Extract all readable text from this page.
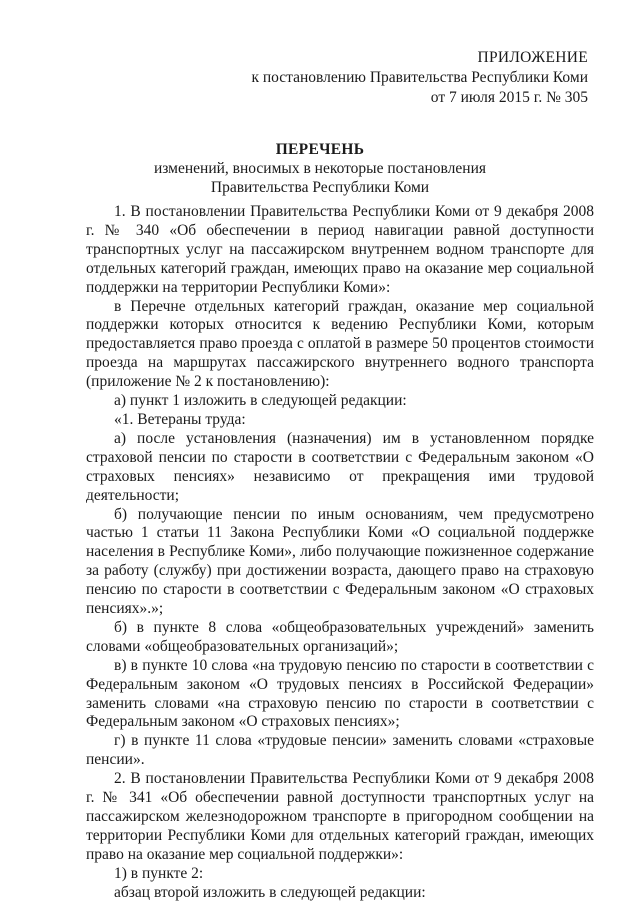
ПРИЛОЖЕНИЕ
к постановлению Правительства Республики Коми
от 7 июля 2015 г. № 305
ПЕРЕЧЕНЬ
изменений, вносимых в некоторые постановления
Правительства Республики Коми

1. В постановлении Правительства Республики Коми от 9 декабря 2008 г. № 340 «Об обеспечении в период навигации равной доступности транспортных услуг на пассажирском внутреннем водном транспорте для отдельных категорий граждан, имеющих право на оказание мер социальной поддержки на территории Республики Коми»:

в Перечне отдельных категорий граждан, оказание мер социальной поддержки которых относится к ведению Республики Коми, которым предоставляется право проезда с оплатой в размере 50 процентов стоимости проезда на маршрутах пассажирского внутреннего водного транспорта (приложение № 2 к постановлению):

а) пункт 1 изложить в следующей редакции:

«1. Ветераны труда:

а) после установления (назначения) им в установленном порядке страховой пенсии по старости в соответствии с Федеральным законом «О страховых пенсиях» независимо от прекращения ими трудовой деятельности;

б) получающие пенсии по иным основаниям, чем предусмотрено частью 1 статьи 11 Закона Республики Коми «О социальной поддержке населения в Республике Коми», либо получающие пожизненное содержание за работу (службу) при достижении возраста, дающего право на страховую пенсию по старости в соответствии с Федеральным законом «О страховых пенсиях».»;

б) в пункте 8 слова «общеобразовательных учреждений» заменить словами «общеобразовательных организаций»;

в) в пункте 10 слова «на трудовую пенсию по старости в соответствии с Федеральным законом «О трудовых пенсиях в Российской Федерации» заменить словами «на страховую пенсию по старости в соответствии с Федеральным законом «О страховых пенсиях»;

г) в пункте 11 слова «трудовые пенсии» заменить словами «страховые пенсии».

2. В постановлении Правительства Республики Коми от 9 декабря 2008 г. № 341 «Об обеспечении равной доступности транспортных услуг на пассажирском железнодорожном транспорте в пригородном сообщении на территории Республики Коми для отдельных категорий граждан, имеющих право на оказание мер социальной поддержки»:

1) в пункте 2:

абзац второй изложить в следующей редакции:
